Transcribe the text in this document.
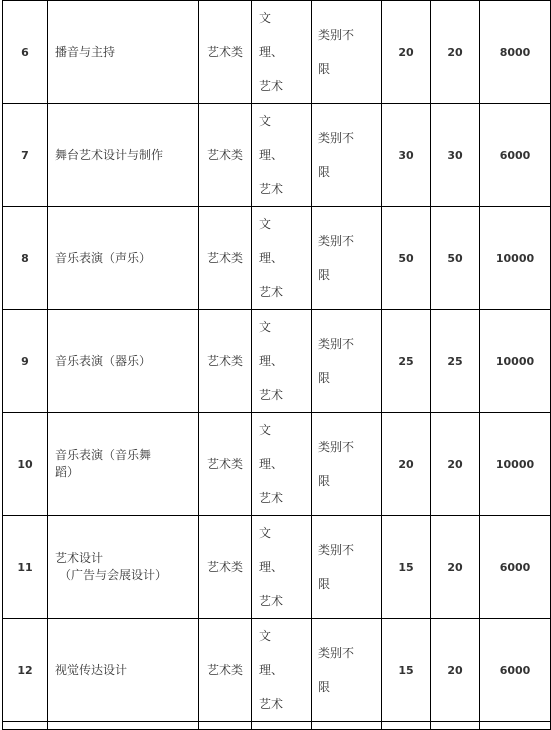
6	播音与主持	艺术类	文
理、
艺术	类别不
限	20	20	8000
7	舞台艺术设计与制作	艺术类	文
理、
艺术	类别不
限	30	30	6000
8	音乐表演（声乐）	艺术类	文
理、
艺术	类别不
限	50	50	10000
9	音乐表演（器乐）	艺术类	文
理、
艺术	类别不
限	25	25	10000
10	音乐表演（音乐舞
蹈）	艺术类	文
理、
艺术	类别不
限	20	20	10000
11	艺术设计
（广告与会展设计）	艺术类	文
理、
艺术	类别不
限	15	20	6000
12	视觉传达设计	艺术类	文
理、
艺术	类别不
限	15	20	6000
